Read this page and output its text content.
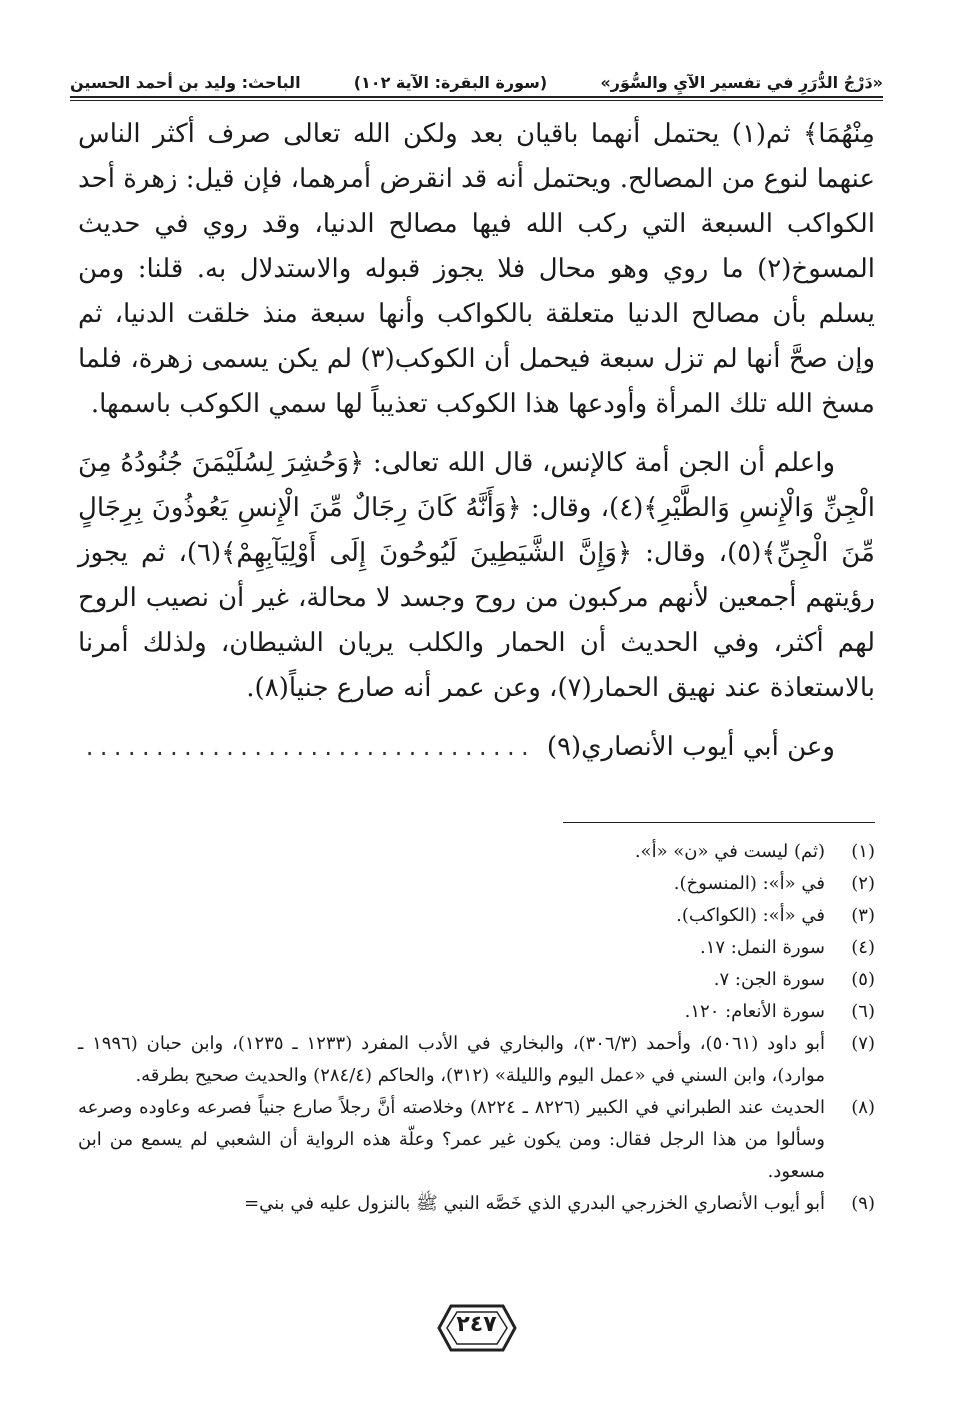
«دَرْجُ الدُّرَرِ في تفسير الآيِ والسُّوَر»
(سورة البقرة: الآية ١٠٢)
الباحث: وليد بن أحمد الحسين

مِنْهُمَا﴾ ثم(١) يحتمل أنهما باقيان بعد ولكن الله تعالى صرف أكثر الناس عنهما لنوع من المصالح. ويحتمل أنه قد انقرض أمرهما، فإن قيل: زهرة أحد الكواكب السبعة التي ركب الله فيها مصالح الدنيا، وقد روي في حديث المسوخ(٢) ما روي وهو محال فلا يجوز قبوله والاستدلال به. قلنا: ومن يسلم بأن مصالح الدنيا متعلقة بالكواكب وأنها سبعة منذ خلقت الدنيا، ثم وإن صحَّ أنها لم تزل سبعة فيحمل أن الكوكب(٣) لم يكن يسمى زهرة، فلما مسخ الله تلك المرأة وأودعها هذا الكوكب تعذيباً لها سمي الكوكب باسمها.

واعلم أن الجن أمة كالإنس، قال الله تعالى: ﴿وَحُشِرَ لِسُلَيْمَنَ جُنُودُهُ مِنَ الْجِنِّ وَالْإِنسِ وَالطَّيْرِ﴾(٤)، وقال: ﴿وَأَنَّهُ كَانَ رِجَالٌ مِّنَ الْإِنسِ يَعُوذُونَ بِرِجَالٍ مِّنَ الْجِنِّ﴾(٥)، وقال: ﴿وَإِنَّ الشَّيَطِينَ لَيُوحُونَ إِلَى أَوْلِيَآبِهِمْ﴾(٦)، ثم يجوز رؤيتهم أجمعين لأنهم مركبون من روح وجسد لا محالة، غير أن نصيب الروح لهم أكثر، وفي الحديث أن الحمار والكلب يريان الشيطان، ولذلك أمرنا بالاستعاذة عند نهيق الحمار(٧)، وعن عمر أنه صارع جنياً(٨).

وعن أبي أيوب الأنصاري(٩)
................................
(١)
(ثم) ليست في «ن» «أ».
(٢)
في «أ»: (المنسوخ).
(٣)
في «أ»: (الكواكب).
(٤)
سورة النمل: ١٧.
(٥)
سورة الجن: ٧.
(٦)
سورة الأنعام: ١٢٠.
(٧)
أبو داود (٥٠٦١)، وأحمد (٣٠٦/٣)، والبخاري في الأدب المفرد (١٢٣٣ ـ ١٢٣٥)، وابن حبان (١٩٩٦ ـ موارد)، وابن السني في «عمل اليوم والليلة» (٣١٢)، والحاكم (٢٨٤/٤) والحديث صحيح بطرقه.
(٨)
الحديث عند الطبراني في الكبير (٨٢٢٦ ـ ٨٢٢٤) وخلاصته أنَّ رجلاً صارع جنياً فصرعه وعاوده وصرعه وسألوا من هذا الرجل فقال: ومن يكون غير عمر؟ وعلّة هذه الرواية أن الشعبي لم يسمع من ابن مسعود.
(٩)
أبو أيوب الأنصاري الخزرجي البدري الذي خَصَّه النبي ﷺ بالنزول عليه في بني=
٢٤٧
